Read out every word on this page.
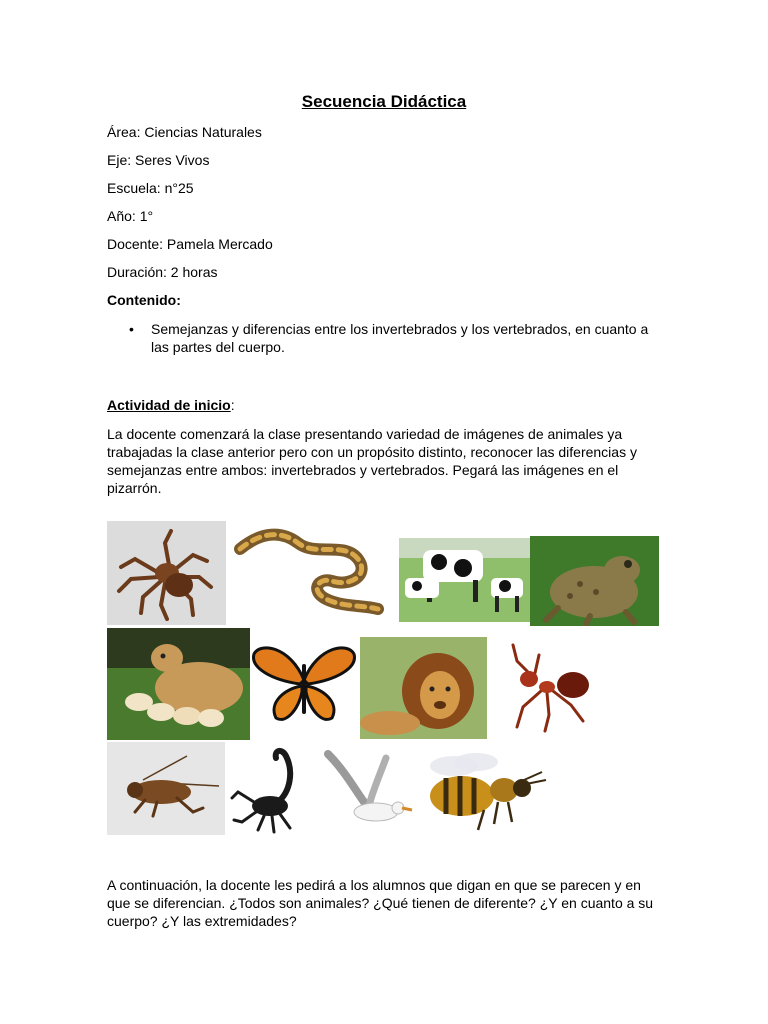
Secuencia Didáctica

Área: Ciencias Naturales

Eje: Seres Vivos

Escuela: n°25

Año: 1°

Docente: Pamela Mercado

Duración: 2 horas

Contenido:

• Semejanzas y diferencias entre los invertebrados y los vertebrados, en cuanto a las partes del cuerpo.
Actividad de inicio:

La docente comenzará la clase presentando variedad de imágenes de animales ya trabajadas la clase anterior pero con un propósito distinto, reconocer las diferencias y semejanzas entre ambos: invertebrados y vertebrados. Pegará las imágenes en el pizarrón.

A continuación, la docente les pedirá a los alumnos que digan en que se parecen y en que se diferencian. ¿Todos son animales? ¿Qué tienen de diferente? ¿Y en cuanto a su cuerpo? ¿Y las extremidades?
